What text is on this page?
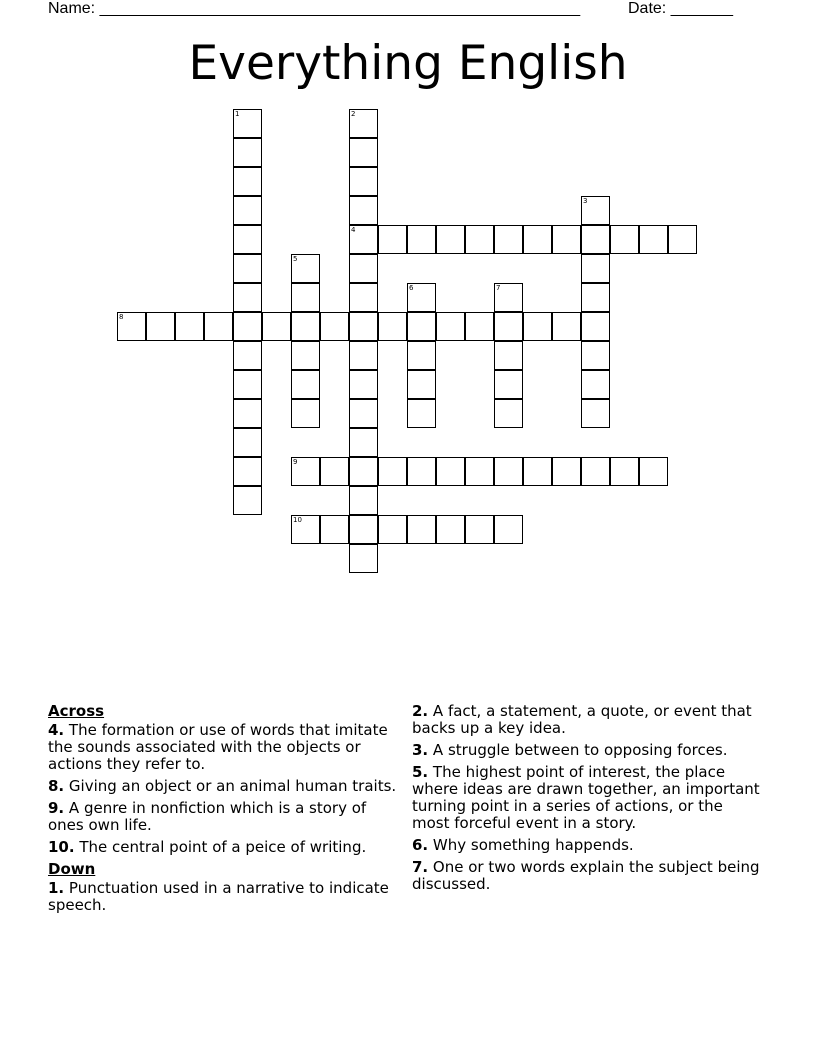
Name: ______________________________________________________	Date: _______
Everything English
1	2
4
3
5
6	7
8
9
10
Across
4. The formation or use of words that imitate the sounds associated with the objects or actions they refer to.
8. Giving an object or an animal human traits.
9. A genre in nonfiction which is a story of ones own life.
10. The central point of a peice of writing.
Down
1. Punctuation used in a narrative to indicate speech.
2. A fact, a statement, a quote, or event that backs up a key idea.
3. A struggle between to opposing forces.
5. The highest point of interest, the place where ideas are drawn together, an important turning point in a series of actions, or the most forceful event in a story.
6. Why something happends.
7. One or two words explain the subject being discussed.
